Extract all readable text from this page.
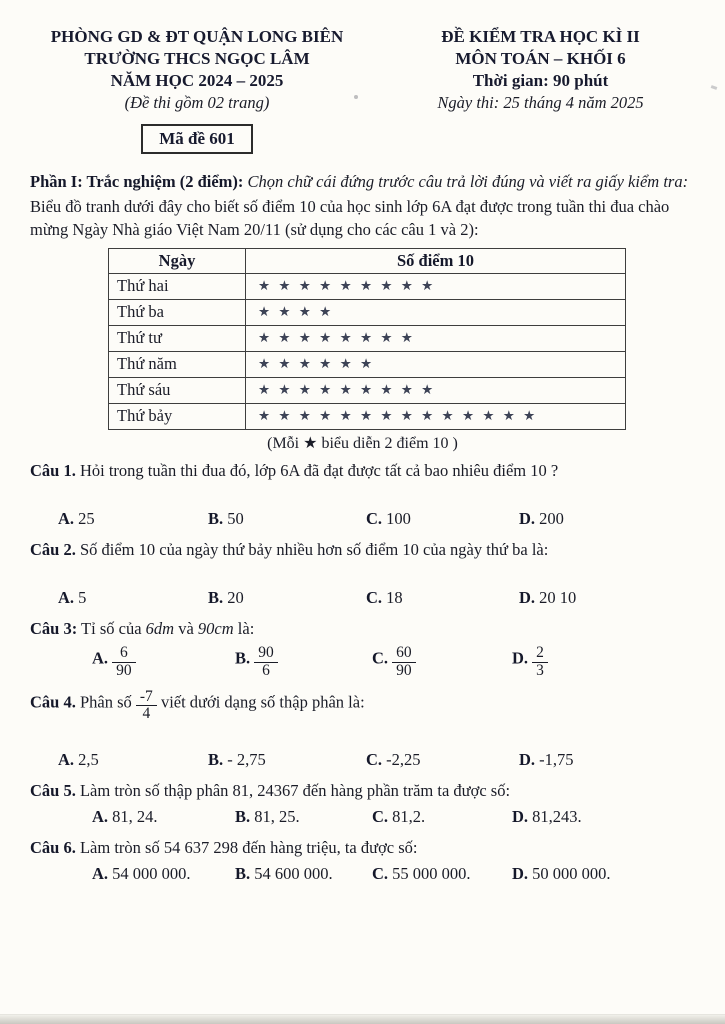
PHÒNG GD & ĐT QUẬN LONG BIÊN
TRƯỜNG THCS NGỌC LÂM
NĂM HỌC 2024 – 2025
(Đề thi gồm 02 trang)
Mã đề 601
ĐỀ KIỂM TRA HỌC KÌ II
MÔN TOÁN – KHỐI 6
Thời gian: 90 phút
Ngày thi: 25 tháng 4 năm 2025
Phần I: Trắc nghiệm (2 điểm): Chọn chữ cái đứng trước câu trả lời đúng và viết ra giấy kiểm tra:
Biểu đồ tranh dưới đây cho biết số điểm 10 của học sinh lớp 6A đạt được trong tuần thi đua chào mừng Ngày Nhà giáo Việt Nam 20/11 (sử dụng cho các câu 1 và 2):
Ngày	Số điểm 10
Thứ hai	★ ★ ★ ★ ★ ★ ★ ★ ★
Thứ ba	★ ★ ★ ★
Thứ tư	★ ★ ★ ★ ★ ★ ★ ★
Thứ năm	★ ★ ★ ★ ★ ★
Thứ sáu	★ ★ ★ ★ ★ ★ ★ ★ ★
Thứ bảy	★ ★ ★ ★ ★ ★ ★ ★ ★ ★ ★ ★ ★ ★
(Mỗi ★ biểu diễn 2 điểm 10 )
Câu 1. Hỏi trong tuần thi đua đó, lớp 6A đã đạt được tất cả bao nhiêu điểm 10 ?
A. 25	B. 50	C. 100	D. 200
Câu 2. Số điểm 10 của ngày thứ bảy nhiều hơn số điểm 10 của ngày thứ ba là:
A. 5	B. 20	C. 18	D. 20 10
Câu 3: Tỉ số của 6dm và 90cm là:
A. $\frac{6}{90}$	B. $\frac{90}{6}$	C. $\frac{60}{90}$	D. $\frac{2}{3}$
Câu 4. Phân số $\frac{-7}{4}$ viết dưới dạng số thập phân là:
A. 2,5	B. - 2,75	C. -2,25	D. -1,75
Câu 5. Làm tròn số thập phân 81, 24367 đến hàng phần trăm ta được số:
A. 81, 24.	B. 81, 25.	C. 81,2.	D. 81,243.
Câu 6. Làm tròn số 54 637 298 đến hàng triệu, ta được số:
A. 54 000 000.	B. 54 600 000.	C. 55 000 000.	D. 50 000 000.
